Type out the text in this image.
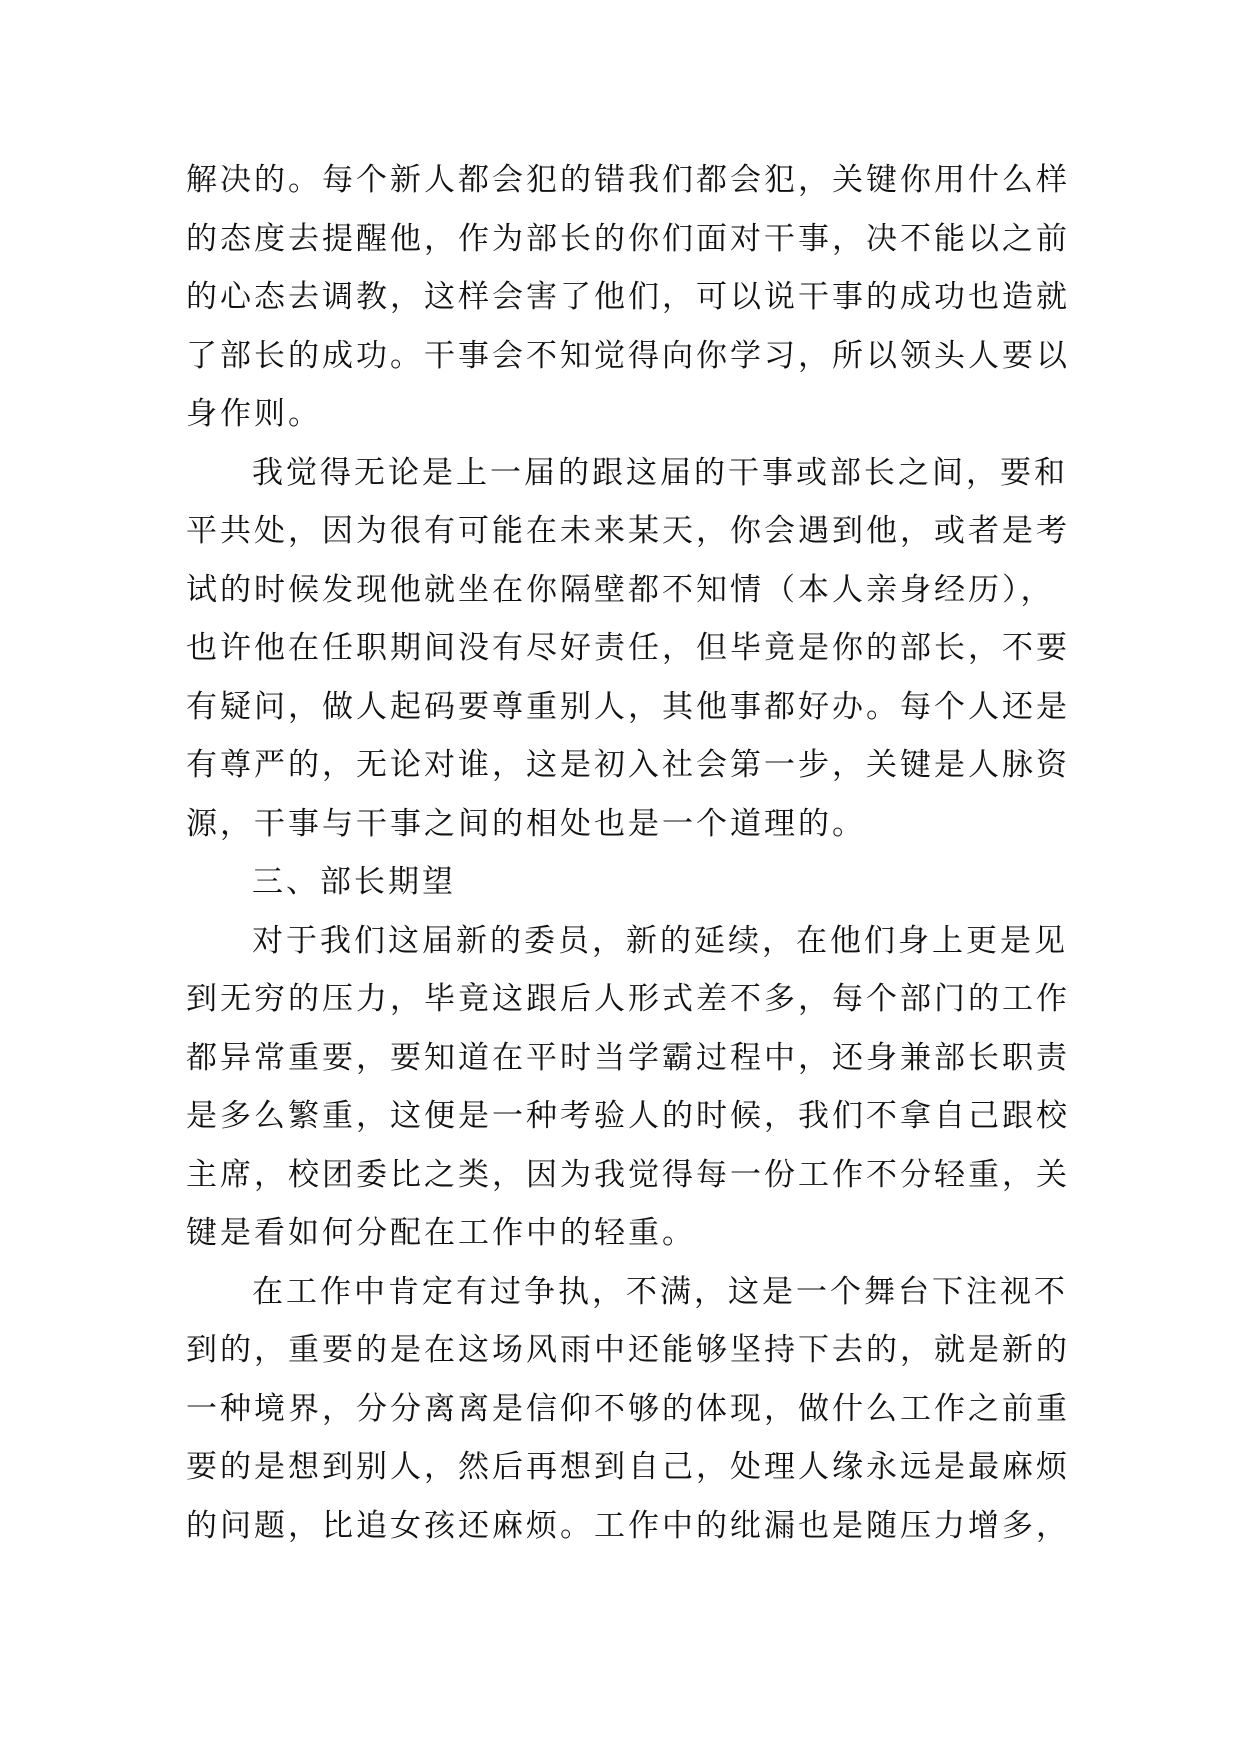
解决的。每个新人都会犯的错我们都会犯，关键你用什么样
的态度去提醒他，作为部长的你们面对干事，决不能以之前
的心态去调教，这样会害了他们，可以说干事的成功也造就
了部长的成功。干事会不知觉得向你学习，所以领头人要以
身作则。
我觉得无论是上一届的跟这届的干事或部长之间，要和
平共处，因为很有可能在未来某天，你会遇到他，或者是考
试的时候发现他就坐在你隔壁都不知情（本人亲身经历），
也许他在任职期间没有尽好责任，但毕竟是你的部长，不要
有疑问，做人起码要尊重别人，其他事都好办。每个人还是
有尊严的，无论对谁，这是初入社会第一步，关键是人脉资
源，干事与干事之间的相处也是一个道理的。
三、部长期望
对于我们这届新的委员，新的延续，在他们身上更是见
到无穷的压力，毕竟这跟后人形式差不多，每个部门的工作
都异常重要，要知道在平时当学霸过程中，还身兼部长职责
是多么繁重，这便是一种考验人的时候，我们不拿自己跟校
主席，校团委比之类，因为我觉得每一份工作不分轻重，关
键是看如何分配在工作中的轻重。
在工作中肯定有过争执，不满，这是一个舞台下注视不
到的，重要的是在这场风雨中还能够坚持下去的，就是新的
一种境界，分分离离是信仰不够的体现，做什么工作之前重
要的是想到别人，然后再想到自己，处理人缘永远是最麻烦
的问题，比追女孩还麻烦。工作中的纰漏也是随压力增多，
